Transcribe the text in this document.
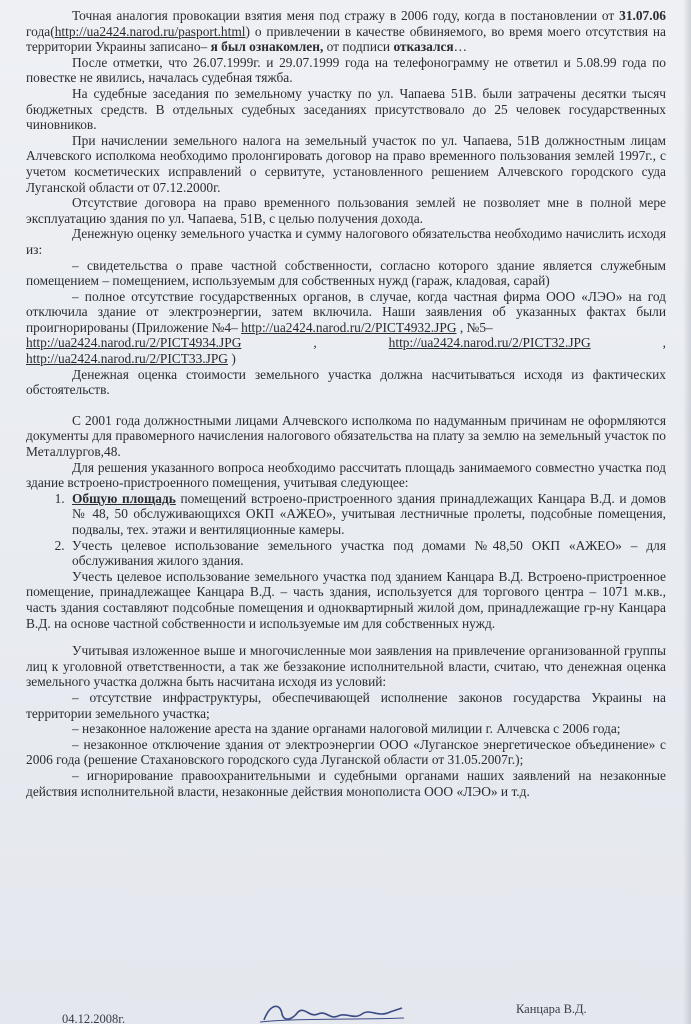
Точная аналогия провокации взятия меня под стражу в 2006 году, когда в постановлении от 31.07.06 года(http://ua2424.narod.ru/pasport.html) о привлечении в качестве обвиняемого, во время моего отсутствия на территории Украины записано– я был ознакомлен, от подписи отказался…

После отметки, что 26.07.1999г. и 29.07.1999 года на телефонограмму не ответил и 5.08.99 года по повестке не явились, началась судебная тяжба.

На судебные заседания по земельному участку по ул. Чапаева 51В. были затрачены десятки тысяч бюджетных средств. В отдельных судебных заседаниях присутствовало до 25 человек государственных чиновников.

При начислении земельного налога на земельный участок по ул. Чапаева, 51В должностным лицам Алчевского исполкома необходимо пролонгировать договор на право временного пользования землей 1997г., с учетом косметических исправлений о сервитуте, установленного решением Алчевского городского суда Луганской области от 07.12.2000г.

Отсутствие договора на право временного пользования землей не позволяет мне в полной мере эксплуатацию здания по ул. Чапаева, 51В, с целью получения дохода.

Денежную оценку земельного участка и сумму налогового обязательства необходимо начислить исходя из:

– свидетельства о праве частной собственности, согласно которого здание является служебным помещением – помещением, используемым для собственных нужд (гараж, кладовая, сарай)

– полное отсутствие государственных органов, в случае, когда частная фирма ООО «ЛЭО» на год отключила здание от электроэнергии, затем включила. Наши заявления об указанных фактах были проигнорированы (Приложение №4– http://ua2424.narod.ru/2/PICT4932.JPG , №5–

http://ua2424.narod.ru/2/PICT4934.JPG	,	http://ua2424.narod.ru/2/PICT32.JPG	,

http://ua2424.narod.ru/2/PICT33.JPG )

Денежная оценка стоимости земельного участка должна насчитываться исходя из фактических обстоятельств.

С 2001 года должностными лицами Алчевского исполкома по надуманным причинам не оформляются документы для правомерного начисления налогового обязательства на плату за землю на земельный участок по Металлургов,48.

Для решения указанного вопроса необходимо рассчитать площадь занимаемого совместно участка под здание встроено-пристроенного помещения, учитывая следующее:

1. Общую площадь помещений встроено-пристроенного здания принадлежащих Канцара В.Д. и домов № 48, 50 обслуживающихся ОКП «АЖЕО», учитывая лестничные пролеты, подсобные помещения, подвалы, тех. этажи и вентиляционные камеры.
2. Учесть целевое использование земельного участка под домами №48,50 ОКП «АЖЕО» – для обслуживания жилого здания.

Учесть целевое использование земельного участка под зданием Канцара В.Д. Встроено-пристроенное помещение, принадлежащее Канцара В.Д. – часть здания, используется для торгового центра – 1071 м.кв., часть здания составляют подсобные помещения и одноквартирный жилой дом, принадлежащие гр-ну Канцара В.Д. на основе частной собственности и используемые им для собственных нужд.

Учитывая изложенное выше и многочисленные мои заявления на привлечение организованной группы лиц к уголовной ответственности, а так же беззаконие исполнительной власти, считаю, что денежная оценка земельного участка должна быть насчитана исходя из условий:

– отсутствие инфраструктуры, обеспечивающей исполнение законов государства Украины на территории земельного участка;

– незаконное наложение ареста на здание органами налоговой милиции г. Алчевска с 2006 года;

– незаконное отключение здания от электроэнергии ООО «Луганское энергетическое объединение» с 2006 года (решение Стахановского городского суда Луганской области от 31.05.2007г.);

– игнорирование правоохранительными и судебными органами наших заявлений на незаконные действия исполнительной власти, незаконные действия монополиста ООО «ЛЭО» и т.д.

04.12.2008г.
Канцара В.Д.
